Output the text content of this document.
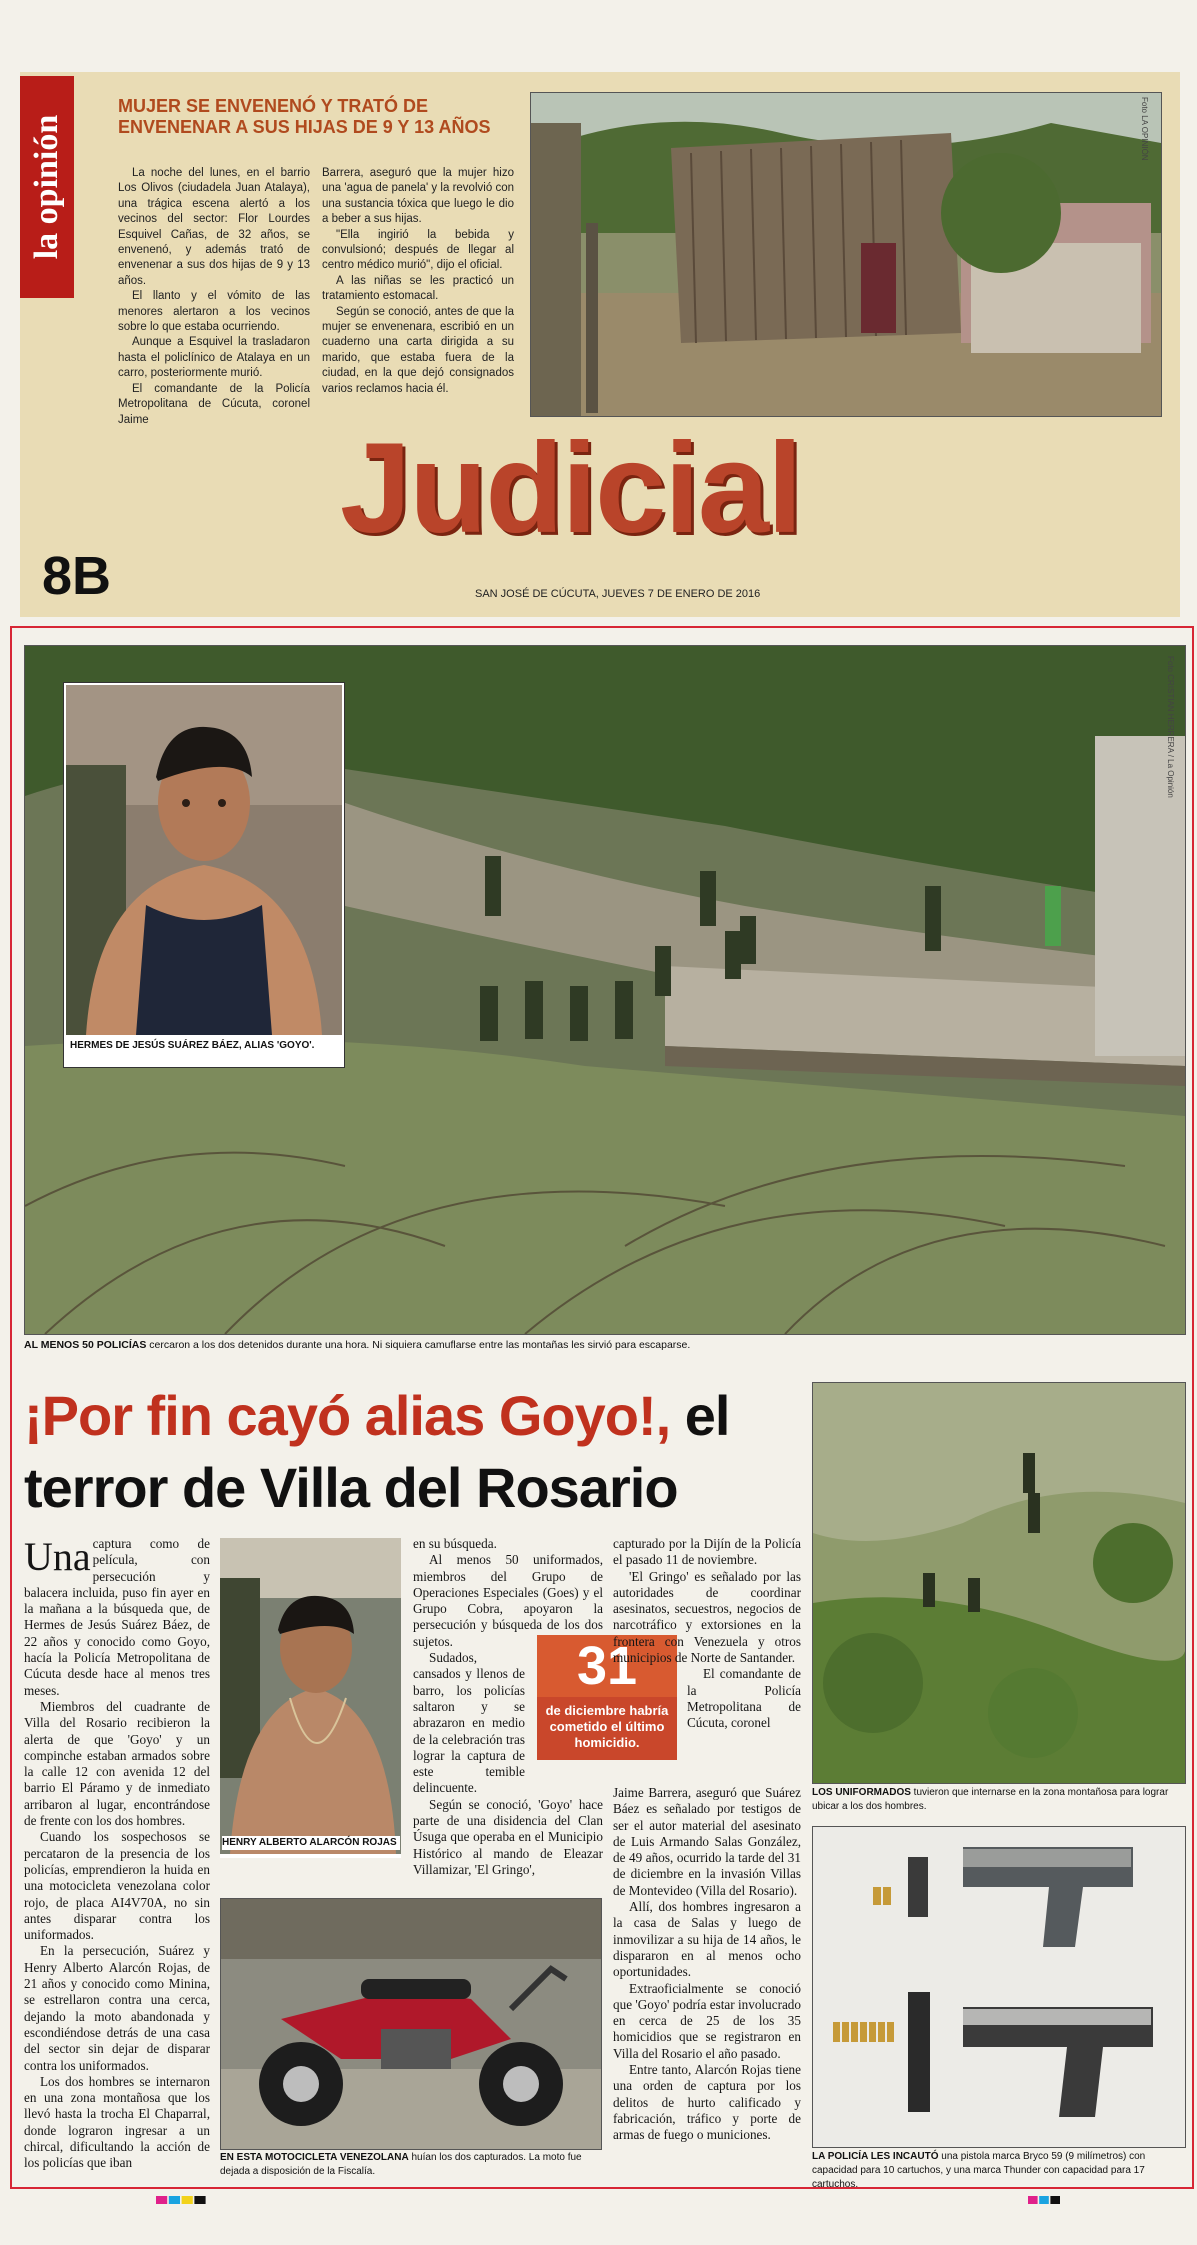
la opinión
MUJER SE ENVENENÓ Y TRATÓ DE ENVENENAR A SUS HIJAS DE 9 Y 13 AÑOS

La noche del lunes, en el barrio Los Olivos (ciudadela Juan Atalaya), una trágica escena alertó a los vecinos del sector: Flor Lourdes Esquivel Cañas, de 32 años, se envenenó, y además trató de envenenar a sus dos hijas de 9 y 13 años.

El llanto y el vómito de las menores alertaron a los vecinos sobre lo que estaba ocurriendo.

Aunque a Esquivel la trasladaron hasta el policlínico de Atalaya en un carro, posteriormente murió.

El comandante de la Policía Metropolitana de Cúcuta, coronel Jaime

Barrera, aseguró que la mujer hizo una 'agua de panela' y la revolvió con una sustancia tóxica que luego le dio a beber a sus hijas.

"Ella ingirió la bebida y convulsionó; después de llegar al centro médico murió", dijo el oficial.

A las niñas se les practicó un tratamiento estomacal.

Según se conoció, antes de que la mujer se envenenara, escribió en un cuaderno una carta dirigida a su marido, que estaba fuera de la ciudad, en la que dejó consignados varios reclamos hacia él.

Foto LA OPINIÓN
Judicial
8B	SAN JOSÉ DE CÚCUTA, JUEVES 7 DE ENERO DE 2016
Foto CRISTIAN HERRERA / La Opinión
HERMES DE JESÚS SUÁREZ BÁEZ, ALIAS 'GOYO'.
AL MENOS 50 POLICÍAS cercaron a los dos detenidos durante una hora. Ni siquiera camuflarse entre las montañas les sirvió para escaparse.
¡Por fin cayó alias Goyo!, el terror de Villa del Rosario

Una captura como de película, con persecución y balacera incluida, puso fin ayer en la mañana a la búsqueda que, de Hermes de Jesús Suárez Báez, de 22 años y conocido como Goyo, hacía la Policía Metropolitana de Cúcuta desde hace al menos tres meses.

Miembros del cuadrante de Villa del Rosario recibieron la alerta de que 'Goyo' y un compinche estaban armados sobre la calle 12 con avenida 12 del barrio El Páramo y de inmediato arribaron al lugar, encontrándose de frente con los dos hombres.

Cuando los sospechosos se percataron de la presencia de los policías, emprendieron la huida en una motocicleta venezolana color rojo, de placa AI4V70A, no sin antes disparar contra los uniformados.

En la persecución, Suárez y Henry Alberto Alarcón Rojas, de 21 años y conocido como Minina, se estrellaron contra una cerca, dejando la moto abandonada y escondiéndose detrás de una casa del sector sin dejar de disparar contra los uniformados.

Los dos hombres se internaron en una zona montañosa que los llevó hasta la trocha El Chaparral, donde lograron ingresar a un chircal, dificultando la acción de los policías que iban

HENRY ALBERTO ALARCÓN ROJAS

en su búsqueda.

Al menos 50 uniformados, miembros del Grupo de Operaciones Especiales (Goes) y el Grupo Cobra, apoyaron la persecución y búsqueda de los dos sujetos.

Sudados, cansados y llenos de barro, los policías saltaron y se abrazaron en medio de la celebración tras lograr la captura de este temible delincuente.

Según se conoció, 'Goyo' hace parte de una disidencia del Clan Úsuga que operaba en el Municipio Histórico al mando de Eleazar Villamizar, 'El Gringo',

31
de diciembre habría cometido el último homicidio.

capturado por la Dijín de la Policía el pasado 11 de noviembre.

'El Gringo' es señalado por las autoridades de coordinar asesinatos, secuestros, negocios de narcotráfico y extorsiones en la frontera con Venezuela y otros municipios de Norte de Santander.

El comandante de la Policía Metropolitana de Cúcuta, coronel

Jaime Barrera, aseguró que Suárez Báez es señalado por testigos de ser el autor material del asesinato de Luis Armando Salas González, de 49 años, ocurrido la tarde del 31 de diciembre en la invasión Villas de Montevideo (Villa del Rosario).

Allí, dos hombres ingresaron a la casa de Salas y luego de inmovilizar a su hija de 14 años, le dispararon en al menos ocho oportunidades.

Extraoficialmente se conoció que 'Goyo' podría estar involucrado en cerca de 25 de los 35 homicidios que se registraron en Villa del Rosario el año pasado.

Entre tanto, Alarcón Rojas tiene una orden de captura por los delitos de hurto calificado y fabricación, tráfico y porte de armas de fuego o municiones.

EN ESTA MOTOCICLETA VENEZOLANA huían los dos capturados. La moto fue dejada a disposición de la Fiscalía.
LOS UNIFORMADOS tuvieron que internarse en la zona montañosa para lograr ubicar a los dos hombres.
LA POLICÍA LES INCAUTÓ una pistola marca Bryco 59 (9 milímetros) con capacidad para 10 cartuchos, y una marca Thunder con capacidad para 17 cartuchos.
